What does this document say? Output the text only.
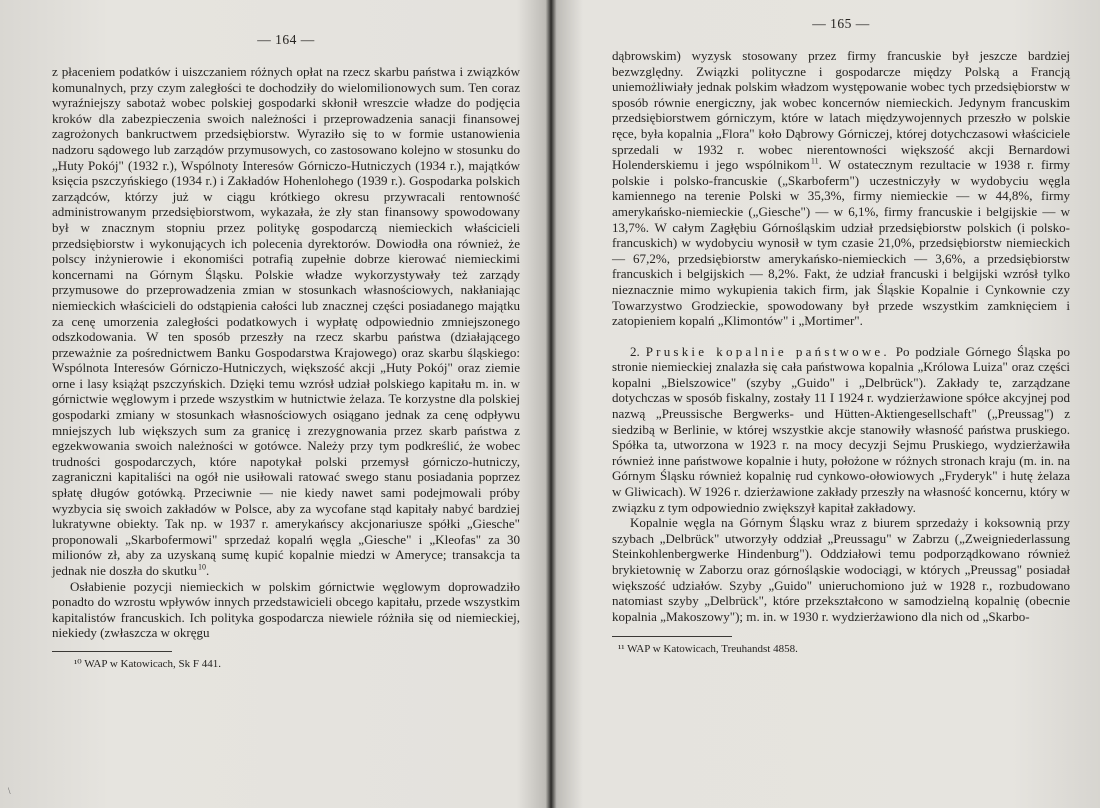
— 164 —

z płaceniem podatków i uiszczaniem różnych opłat na rzecz skarbu państwa i związków komunalnych, przy czym zaległości te dochodziły do wielomilionowych sum. Ten coraz wyraźniejszy sabotaż wobec polskiej gospodarki skłonił wreszcie władze do podjęcia kroków dla zabezpieczenia swoich należności i przeprowadzenia sanacji finansowej zagrożonych bankructwem przedsiębiorstw. Wyraziło się to w formie ustanowienia nadzoru sądowego lub zarządów przymusowych, co zastosowano kolejno w stosunku do „Huty Pokój" (1932 r.), Wspólnoty Interesów Górniczo-Hutniczych (1934 r.), majątków księcia pszczyńskiego (1934 r.) i Zakładów Hohenlohego (1939 r.). Gospodarka polskich zarządców, którzy już w ciągu krótkiego okresu przywracali rentowność administrowanym przedsiębiorstwom, wykazała, że zły stan finansowy spowodowany był w znacznym stopniu przez politykę gospodarczą niemieckich właścicieli przedsiębiorstw i wykonujących ich polecenia dyrektorów. Dowiodła ona również, że polscy inżynierowie i ekonomiści potrafią zupełnie dobrze kierować niemieckimi koncernami na Górnym Śląsku. Polskie władze wykorzystywały też zarządy przymusowe do przeprowadzenia zmian w stosunkach własnościowych, nakłaniając niemieckich właścicieli do odstąpienia całości lub znacznej części posiadanego majątku za cenę umorzenia zaległości podatkowych i wypłatę odpowiednio zmniejszonego odszkodowania. W ten sposób przeszły na rzecz skarbu państwa (działającego przeważnie za pośrednictwem Banku Gospodarstwa Krajowego) oraz skarbu śląskiego: Wspólnota Interesów Górniczo-Hutniczych, większość akcji „Huty Pokój" oraz ziemie orne i lasy książąt pszczyńskich. Dzięki temu wzrósł udział polskiego kapitału m. in. w górnictwie węglowym i przede wszystkim w hutnictwie żelaza. Te korzystne dla polskiej gospodarki zmiany w stosunkach własnościowych osiągano jednak za cenę odpływu mniejszych lub większych sum za granicę i zrezygnowania przez skarb państwa z egzekwowania swoich należności w gotówce. Należy przy tym podkreślić, że wobec trudności gospodarczych, które napotykał polski przemysł górniczo-hutniczy, zagraniczni kapitaliści na ogół nie usiłowali ratować swego stanu posiadania poprzez spłatę długów gotówką. Przeciwnie — nie kiedy nawet sami podejmowali próby wyzbycia się swoich zakładów w Polsce, aby za wycofane stąd kapitały nabyć bardziej lukratywne obiekty. Tak np. w 1937 r. amerykańscy akcjonariusze spółki „Giesche" proponowali „Skarbofermowi" sprzedaż kopalń węgla „Giesche" i „Kleofas" za 30 milionów zł, aby za uzyskaną sumę kupić kopalnie miedzi w Ameryce; transakcja ta jednak nie doszła do skutku $^{10}$.

Osłabienie pozycji niemieckich w polskim górnictwie węglowym doprowadziło ponadto do wzrostu wpływów innych przedstawicieli obcego kapitału, przede wszystkim kapitalistów francuskich. Ich polityka gospodarcza niewiele różniła się od niemieckiej, niekiedy (zwłaszcza w okręgu

¹⁰ WAP w Katowicach, Sk F 441.
— 165 —

dąbrowskim) wyzysk stosowany przez firmy francuskie był jeszcze bardziej bezwzględny. Związki polityczne i gospodarcze między Polską a Francją uniemożliwiały jednak polskim władzom występowanie wobec tych przedsiębiorstw w sposób równie energiczny, jak wobec koncernów niemieckich. Jedynym francuskim przedsiębiorstwem górniczym, które w latach międzywojennych przeszło w polskie ręce, była kopalnia „Flora" koło Dąbrowy Górniczej, której dotychczasowi właściciele sprzedali w 1932 r. wobec nierentowności większość akcji Bernardowi Holenderskiemu i jego wspólnikom $^{11}$. W ostatecznym rezultacie w 1938 r. firmy polskie i polsko-francuskie („Skarboferm") uczestniczyły w wydobyciu węgla kamiennego na terenie Polski w 35,3%, firmy niemieckie — w 44,8%, firmy amerykańsko-niemieckie („Giesche") — w 6,1%, firmy francuskie i belgijskie — w 13,7%. W całym Zagłębiu Górnośląskim udział przedsiębiorstw polskich (i polsko-francuskich) w wydobyciu wynosił w tym czasie 21,0%, przedsiębiorstw niemieckich — 67,2%, przedsiębiorstw amerykańsko-niemieckich — 3,6%, a przedsiębiorstw francuskich i belgijskich — 8,2%. Fakt, że udział francuski i belgijski wzrósł tylko nieznacznie mimo wykupienia takich firm, jak Śląskie Kopalnie i Cynkownie czy Towarzystwo Grodzieckie, spowodowany był przede wszystkim zamknięciem i zatopieniem kopalń „Klimontów" i „Mortimer".

2. Pruskie kopalnie państwowe. Po podziale Górnego Śląska po stronie niemieckiej znalazła się cała państwowa kopalnia „Królowa Luiza" oraz części kopalni „Bielszowice" (szyby „Guido" i „Delbrück"). Zakłady te, zarządzane dotychczas w sposób fiskalny, zostały 11 I 1924 r. wydzierżawione spółce akcyjnej pod nazwą „Preussische Bergwerks- und Hütten-Aktiengesellschaft" („Preussag") z siedzibą w Berlinie, w której wszystkie akcje stanowiły własność państwa pruskiego. Spółka ta, utworzona w 1923 r. na mocy decyzji Sejmu Pruskiego, wydzierżawiła również inne państwowe kopalnie i huty, położone w różnych stronach kraju (m. in. na Górnym Śląsku również kopalnię rud cynkowo-ołowiowych „Fryderyk" i hutę żelaza w Gliwicach). W 1926 r. dzierżawione zakłady przeszły na własność koncernu, który w związku z tym odpowiednio zwiększył kapitał zakładowy.

Kopalnie węgla na Górnym Śląsku wraz z biurem sprzedaży i koksownią przy szybach „Delbrück" utworzyły oddział „Preussagu" w Zabrzu („Zweigniederlassung Steinkohlenbergwerke Hindenburg"). Oddziałowi temu podporządkowano również brykietownię w Zaborzu oraz górnośląskie wodociągi, w których „Preussag" posiadał większość udziałów. Szyby „Guido" unieruchomiono już w 1928 r., rozbudowano natomiast szyby „Delbrück", które przekształcono w samodzielną kopalnię (obecnie kopalnia „Makoszowy"); m. in. w 1930 r. wydzierżawiono dla nich od „Skarbo-

¹¹ WAP w Katowicach, Treuhandst 4858.
\
